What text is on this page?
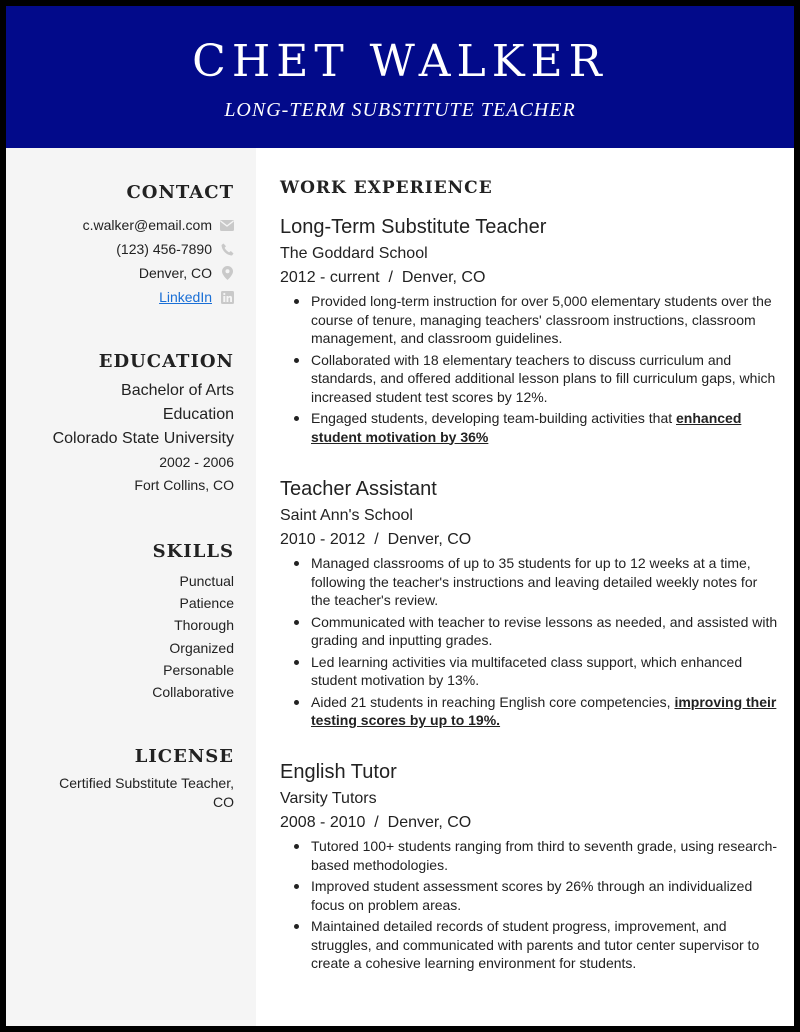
CHET WALKER
LONG-TERM SUBSTITUTE TEACHER
CONTACT
c.walker@email.com
(123) 456-7890
Denver, CO
LinkedIn
EDUCATION
Bachelor of Arts
Education
Colorado State University
2002 - 2006
Fort Collins, CO
SKILLS
Punctual
Patience
Thorough
Organized
Personable
Collaborative
LICENSE
Certified Substitute Teacher,
CO
WORK EXPERIENCE
Long-Term Substitute Teacher
The Goddard School
2012 - current  /  Denver, CO
Provided long-term instruction for over 5,000 elementary students over the course of tenure, managing teachers' classroom instructions, classroom management, and classroom guidelines.
Collaborated with 18 elementary teachers to discuss curriculum and standards, and offered additional lesson plans to fill curriculum gaps, which increased student test scores by 12%.
Engaged students, developing team-building activities that enhanced student motivation by 36%
Teacher Assistant
Saint Ann's School
2010 - 2012  /  Denver, CO
Managed classrooms of up to 35 students for up to 12 weeks at a time, following the teacher's instructions and leaving detailed weekly notes for the teacher's review.
Communicated with teacher to revise lessons as needed, and assisted with grading and inputting grades.
Led learning activities via multifaceted class support, which enhanced student motivation by 13%.
Aided 21 students in reaching English core competencies, improving their testing scores by up to 19%.
English Tutor
Varsity Tutors
2008 - 2010  /  Denver, CO
Tutored 100+ students ranging from third to seventh grade, using research-based methodologies.
Improved student assessment scores by 26% through an individualized focus on problem areas.
Maintained detailed records of student progress, improvement, and struggles, and communicated with parents and tutor center supervisor to create a cohesive learning environment for students.
